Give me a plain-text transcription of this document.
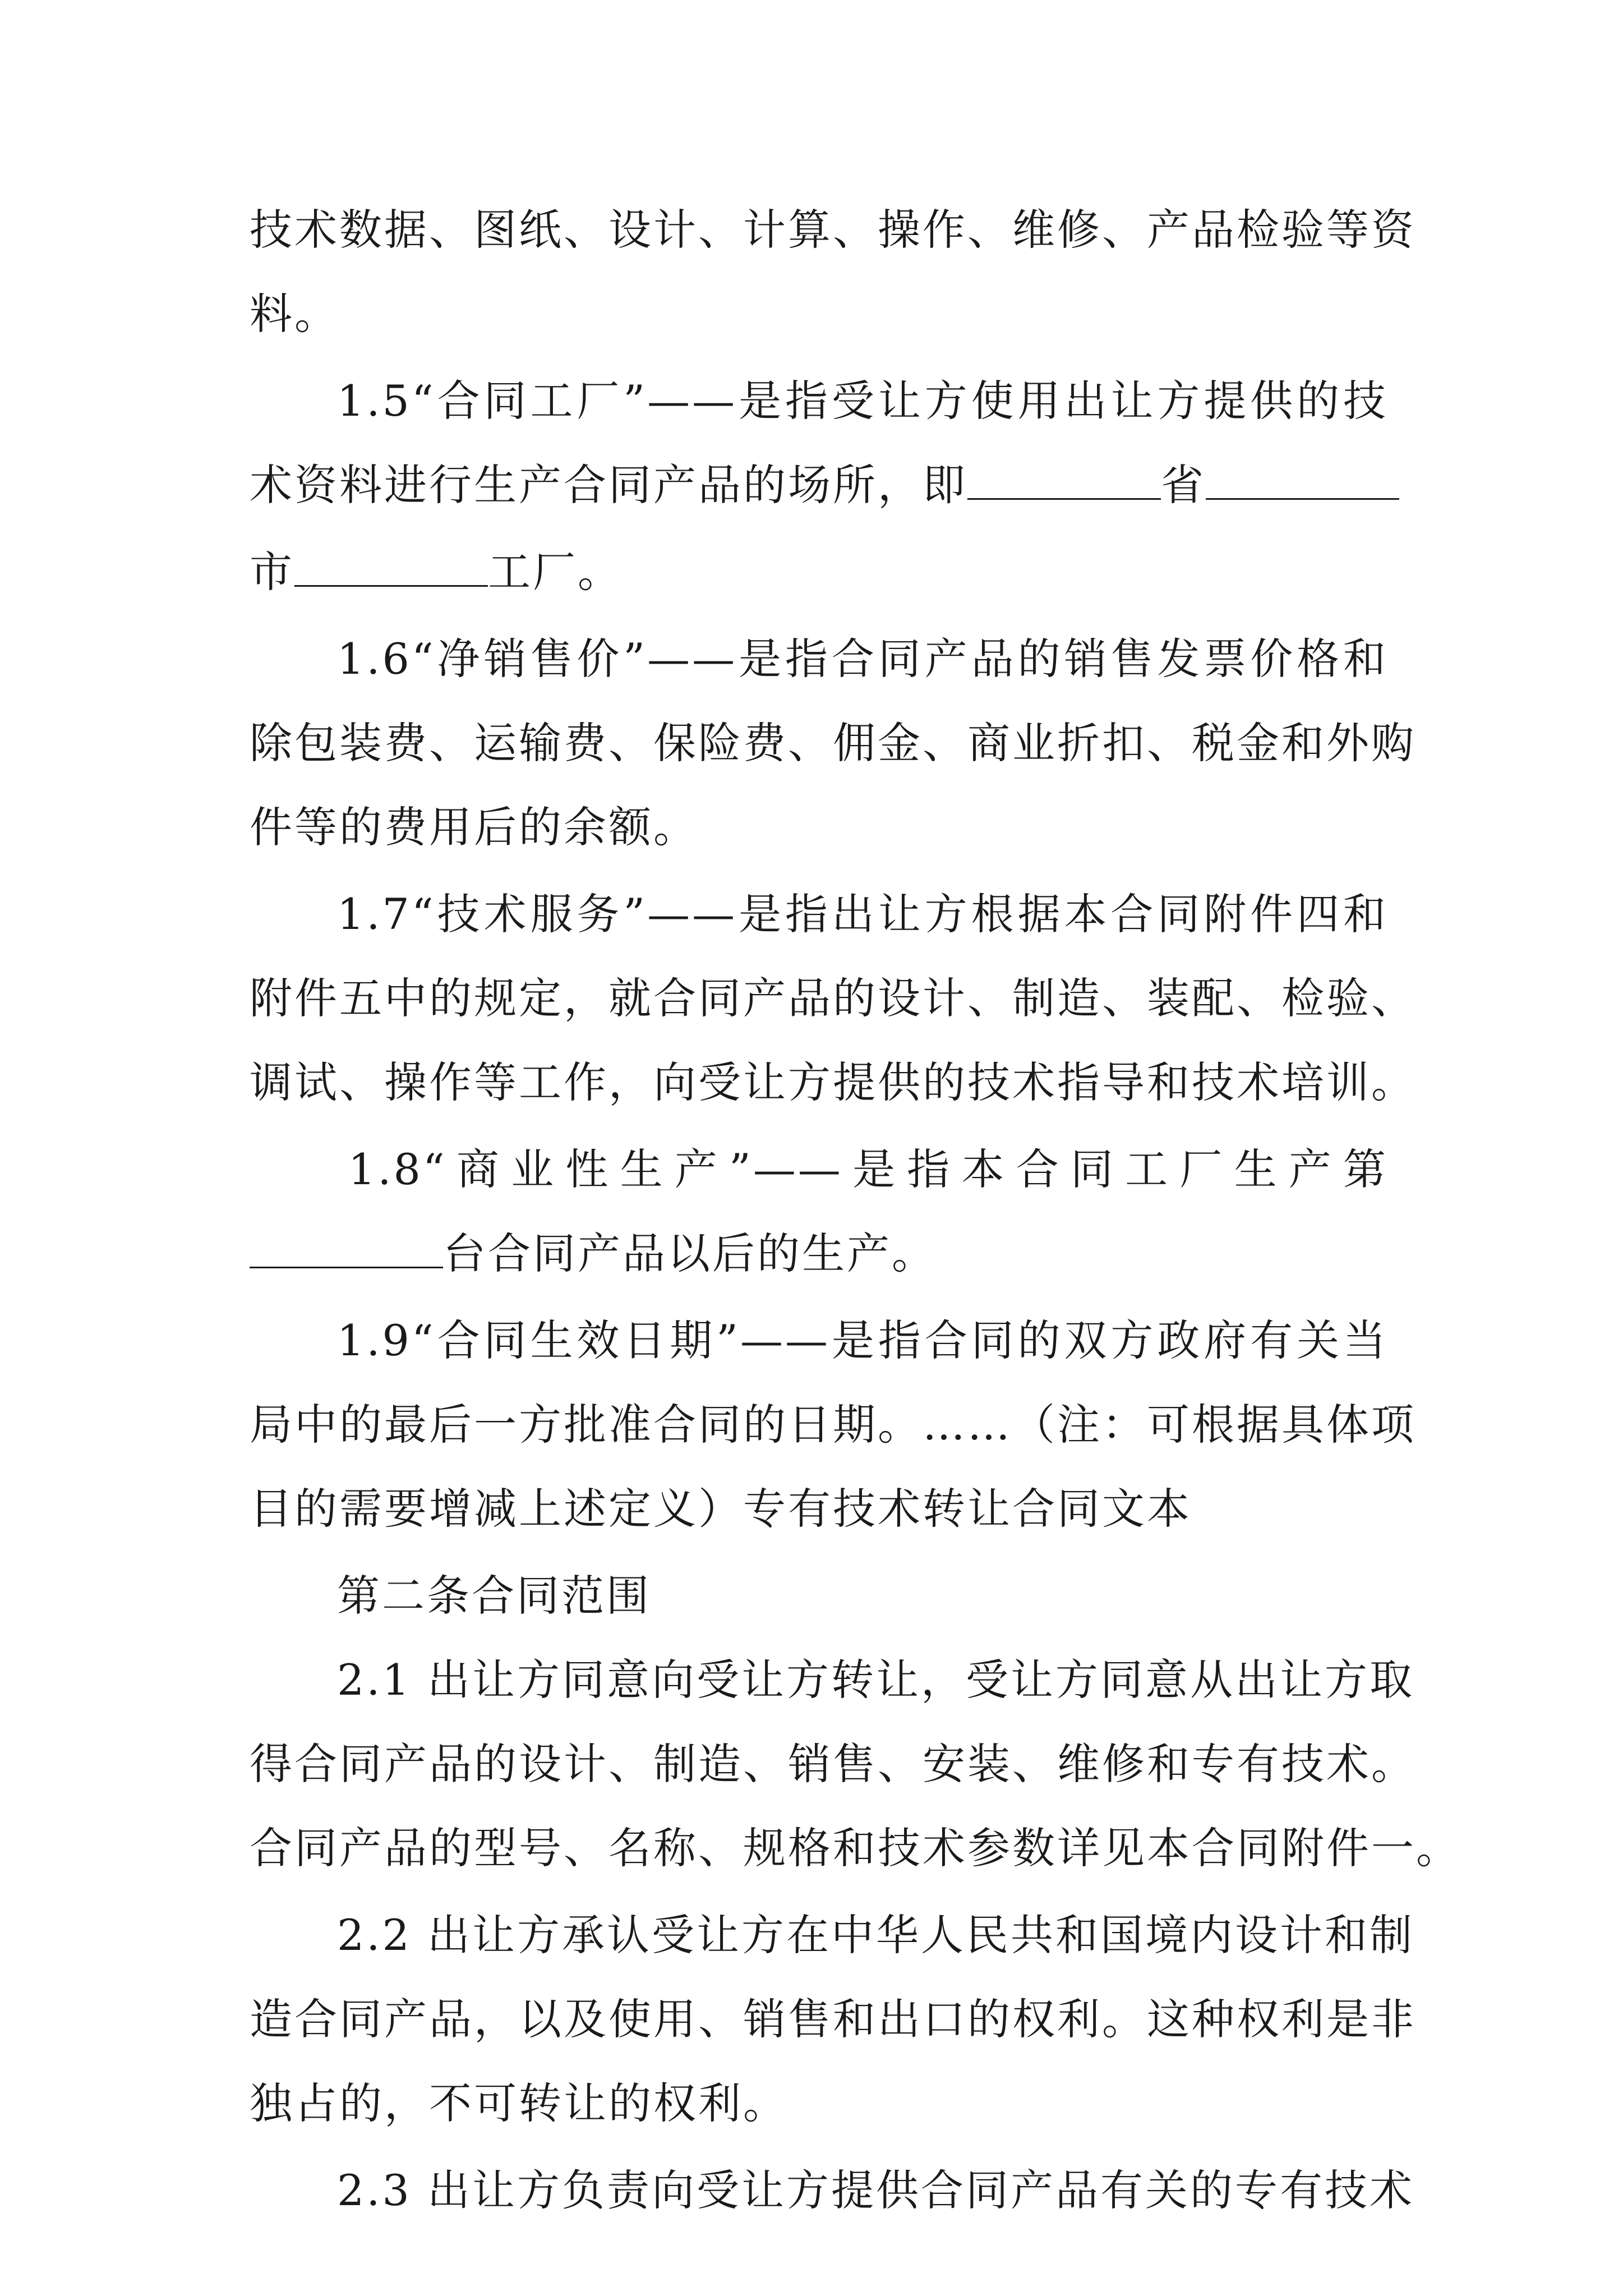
技术数据、图纸、设计、计算、操作、维修、产品检验等资
料。
1.5“合同工厂”——是指受让方使用出让方提供的技
术资料进行生产合同产品的场所，即	省
市	工厂。
1.6“净销售价”——是指合同产品的销售发票价格和
除包装费、运输费、保险费、佣金、商业折扣、税金和外购
件等的费用后的余额。
1.7“技术服务”——是指出让方根据本合同附件四和
附件五中的规定，就合同产品的设计、制造、装配、检验、
调试、操作等工作，向受让方提供的技术指导和技术培训。
1.8“商业性生产”——是指本合同工厂生产第
台合同产品以后的生产。
1.9“合同生效日期”——是指合同的双方政府有关当
局中的最后一方批准合同的日期。……（注：可根据具体项
目的需要增减上述定义）专有技术转让合同文本
第二条合同范围
2.1 出让方同意向受让方转让，受让方同意从出让方取
得合同产品的设计、制造、销售、安装、维修和专有技术。
合同产品的型号、名称、规格和技术参数详见本合同附件一。
2.2 出让方承认受让方在中华人民共和国境内设计和制
造合同产品，以及使用、销售和出口的权利。这种权利是非
独占的，不可转让的权利。
2.3 出让方负责向受让方提供合同产品有关的专有技术
